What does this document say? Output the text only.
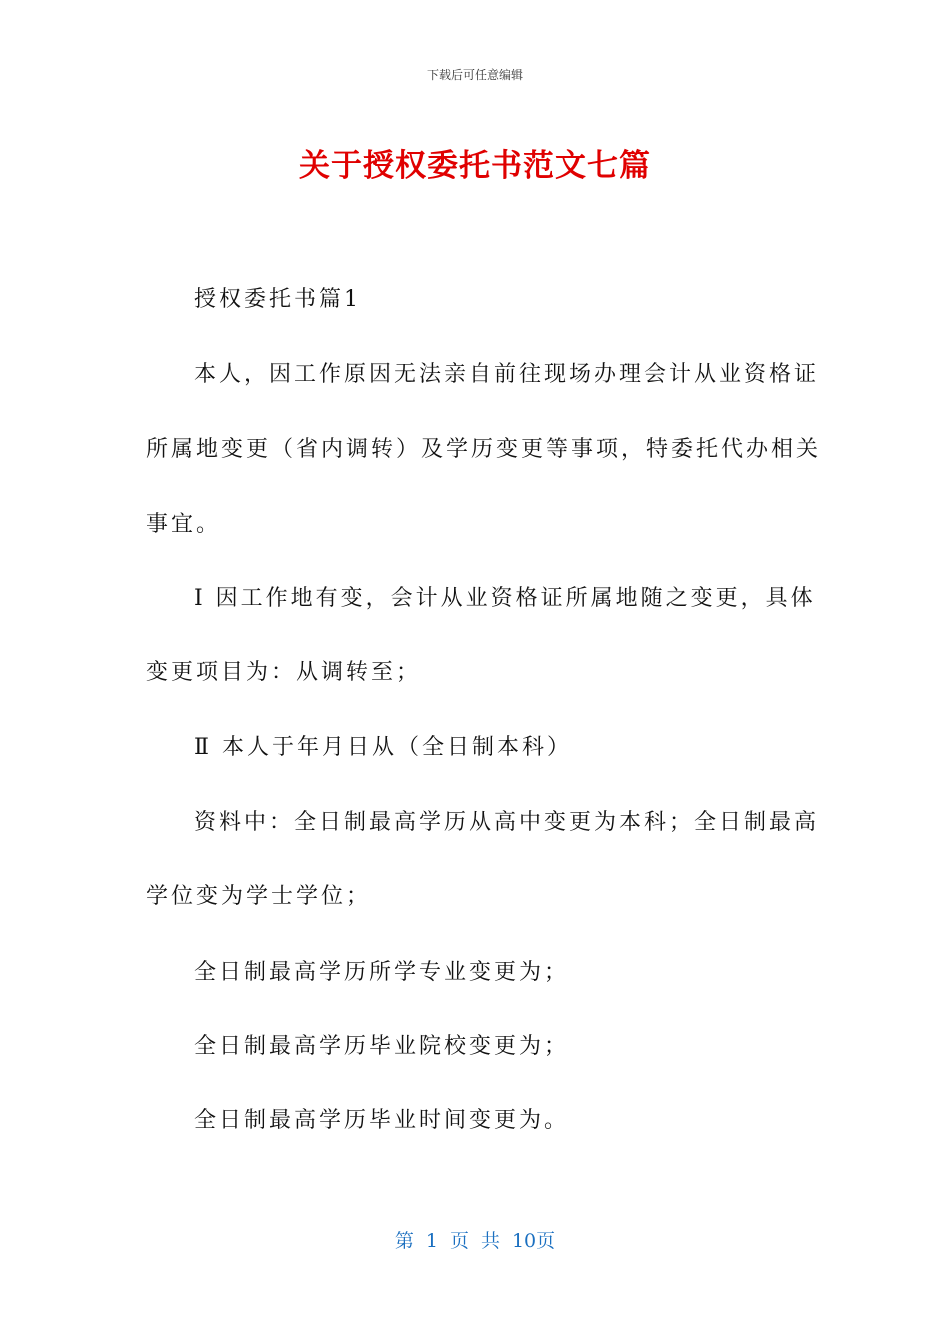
下载后可任意编辑
关于授权委托书范文七篇
授权委托书篇1
本人，因工作原因无法亲自前往现场办理会计从业资格证
所属地变更（省内调转）及学历变更等事项，特委托代办相关
事宜。
Ⅰ 因工作地有变，会计从业资格证所属地随之变更，具体
变更项目为：从调转至；
Ⅱ 本人于年月日从（全日制本科）
资料中：全日制最高学历从高中变更为本科；全日制最高
学位变为学士学位；
全日制最高学历所学专业变更为；
全日制最高学历毕业院校变更为；
全日制最高学历毕业时间变更为。
第 1 页 共 10页
